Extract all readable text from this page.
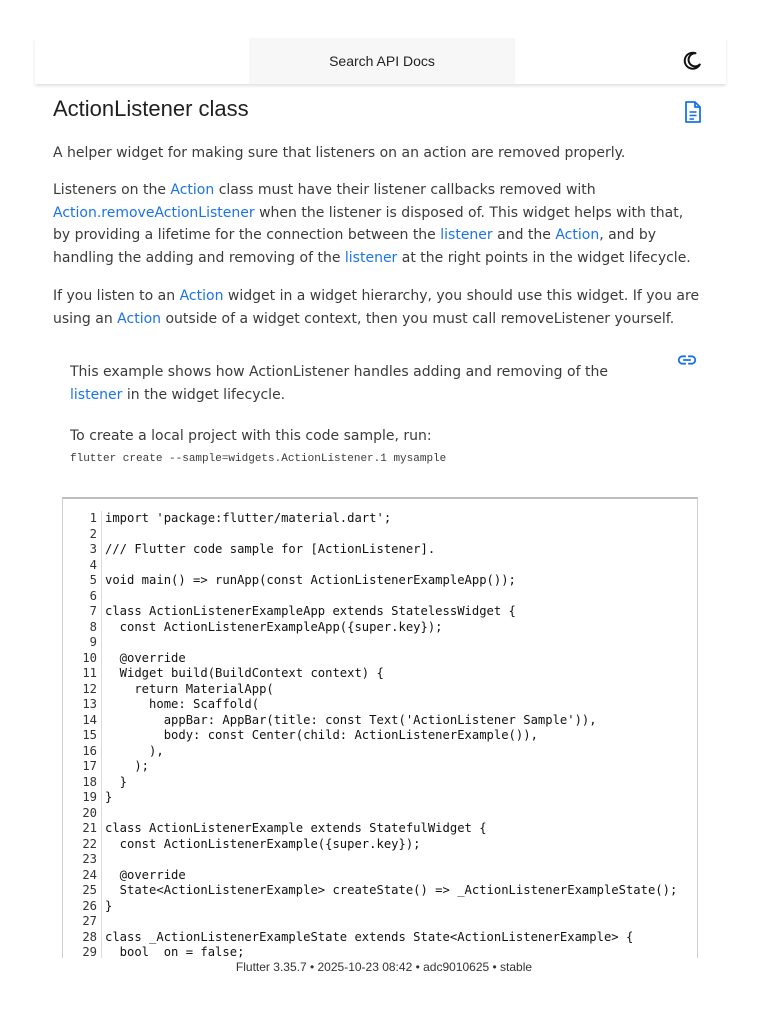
Search API Docs
ActionListener class

A helper widget for making sure that listeners on an action are removed properly.

Listeners on the Action class must have their listener callbacks removed with Action.removeActionListener when the listener is disposed of. This widget helps with that, by providing a lifetime for the connection between the listener and the Action, and by handling the adding and removing of the listener at the right points in the widget lifecycle.

If you listen to an Action widget in a widget hierarchy, you should use this widget. If you are using an Action outside of a widget context, then you must call removeListener yourself.

This example shows how ActionListener handles adding and removing of the listener in the widget lifecycle.

To create a local project with this code sample, run:

flutter create --sample=widgets.ActionListener.1 mysample
1 import 'package:flutter/material.dart';
2
3 /// Flutter code sample for [ActionListener].
4
5 void main() => runApp(const ActionListenerExampleApp());
6
7 class ActionListenerExampleApp extends StatelessWidget {
8 const ActionListenerExampleApp({super.key});
9
10 @override
11 Widget build(BuildContext context) {
12 return MaterialApp(
13 home: Scaffold(
14 appBar: AppBar(title: const Text('ActionListener Sample')),
15 body: const Center(child: ActionListenerExample()),
16 ),
17 );
18 }
19 }
20
21 class ActionListenerExample extends StatefulWidget {
22 const ActionListenerExample({super.key});
23
24 @override
25 State<ActionListenerExample> createState() => _ActionListenerExampleState();
26 }
27
28 class _ActionListenerExampleState extends State<ActionListenerExample> {
29 bool _on = false;
Flutter 3.35.7 • 2025-10-23 08:42 • adc9010625 • stable
